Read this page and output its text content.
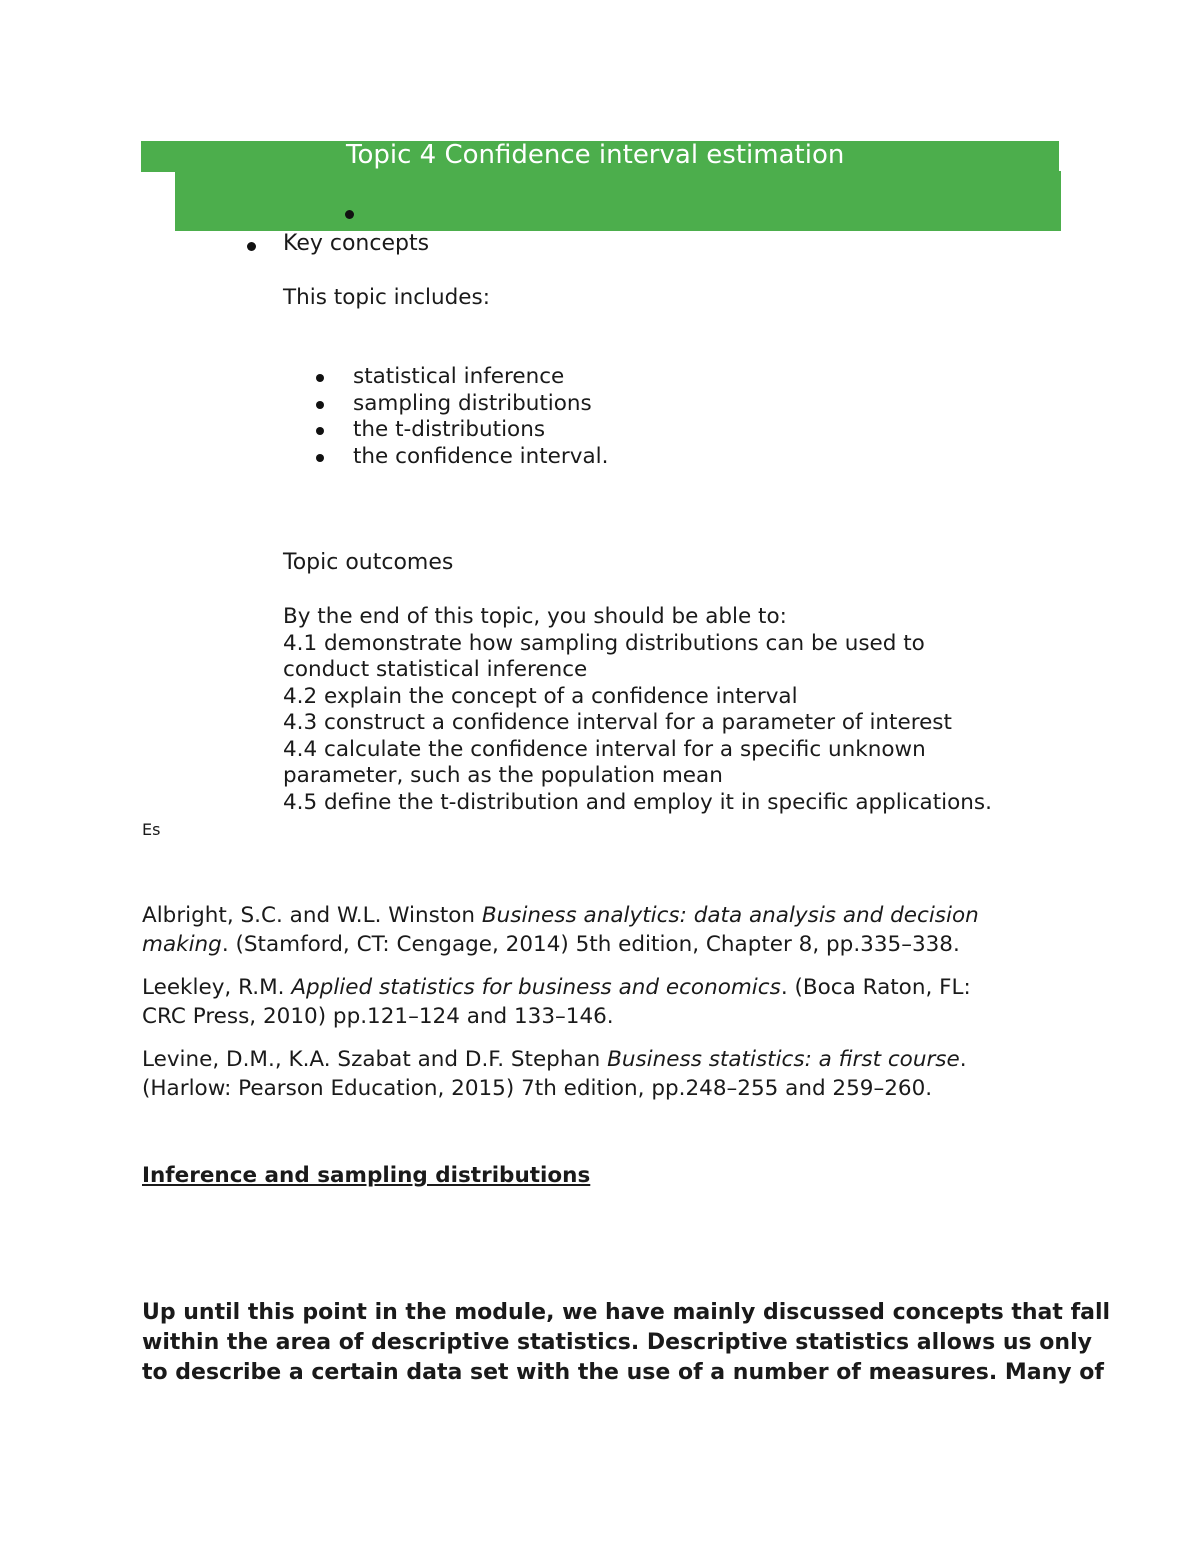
Topic 4 Confidence interval estimation
Key concepts
This topic includes:
statistical inference
sampling distributions
the t-distributions
the confidence interval.
Topic outcomes
By the end of this topic, you should be able to:
4.1 demonstrate how sampling distributions can be used to
conduct statistical inference
4.2 explain the concept of a confidence interval
4.3 construct a confidence interval for a parameter of interest
4.4 calculate the confidence interval for a specific unknown
parameter, such as the population mean
4.5 define the t-distribution and employ it in specific applications.
Es
Albright, S.C. and W.L. Winston Business analytics: data analysis and decision
making. (Stamford, CT: Cengage, 2014) 5th edition, Chapter 8, pp.335–338.
Leekley, R.M. Applied statistics for business and economics. (Boca Raton, FL:
CRC Press, 2010) pp.121–124 and 133–146.
Levine, D.M., K.A. Szabat and D.F. Stephan Business statistics: a first course.
(Harlow: Pearson Education, 2015) 7th edition, pp.248–255 and 259–260.
Inference and sampling distributions
Up until this point in the module, we have mainly discussed concepts that fall
within the area of descriptive statistics. Descriptive statistics allows us only
to describe a certain data set with the use of a number of measures. Many of
